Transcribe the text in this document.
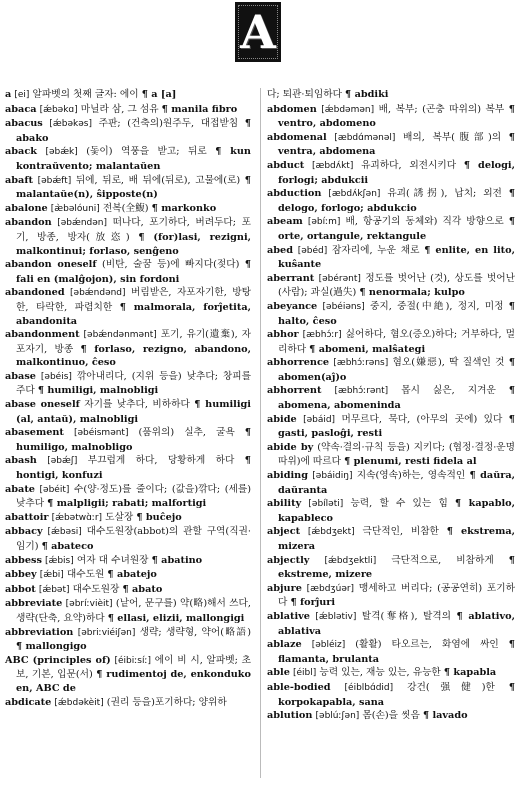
A
a [ei] 알파벳의 첫째 글자: 에이 ¶ a [a]
abaca [ǽbəkɑ] 마닐라 삼, 그 섬유 ¶ manila fibro
abacus [ǽbəkəs] 주판; (건축의)원주두, 대접받침 ¶ abako
aback [əbǽk] (돛이) 역풍을 받고; 뒤로 ¶ kun kontraŭvento; malantaŭen
abaft [əbǽft] 뒤에, 뒤로, 배 뒤에(뒤로), 고물에(로) ¶ malantaŭe(n), ŝipposte(n)
abalone [æ̀bəlóuni] 전복(全鰒) ¶ markonko
abandon [əbǽndən] 떠나다, 포기하다, 버려두다; 포기, 방종, 방자(放恣) ¶ (for)lasi, rezigni, malkontinui; forlaso, senĝeno
abandon oneself (비탄, 술꿈 등)에 빠지다(젖다) ¶ fali en (malĝojon), sin fordoni
abandoned [əbǽndənd] 버림받은, 자포자기한, 방탕한, 타락한, 파렴치한 ¶ malmorala, forĵetita, abandonita
abandonment [əbǽndənmənt] 포기, 유기(遺棄), 자포자기, 방종 ¶ forlaso, rezigno, abandono, malkontinuo, ĉeso
abase [əbéis] 깎아내리다, (지위 등을) 낮추다; 창피를 주다 ¶ humiligi, malnobligi
abase oneself 자기를 낮추다, 비하하다 ¶ humiligi (al, antaŭ), malnobligi
abasement [əbéismənt] (품위의) 실추, 굴욕 ¶ humiligo, malnobligo
abash [əbǽʃ] 부끄럽게 하다, 당황하게 하다 ¶ hontigi, konfuzi
abate [əbéit] 수(양·정도)를 줄이다; (값을)깎다; (세를)낮추다 ¶ malpligii; rabati; malfortigi
abattoir [ǽbətwɑ̀ːr] 도살장 ¶ buĉejo
abbacy [ǽbəsi] 대수도원장(abbot)의 관할 구역(직권·임기) ¶ abateco
abbess [ǽbis] 여자 대 수녀원장 ¶ abatino
abbey [ǽbi] 대수도원 ¶ abatejo
abbot [ǽbət] 대수도원장 ¶ abato
abbreviate [əbríːvièit] (낱어, 문구를) 약(略)해서 쓰다, 생략(단축, 요약)하다 ¶ ellasi, elizii, mallongigi
abbreviation [əbriːviéiʃən] 생략; 생략형, 약어(略語) ¶ mallongigo
ABC (principles of) [éibiːsíː] 에이 비 시, 알파벳; 초보, 기본, 입문(서) ¶ rudimentoj de, enkonduko en, ABC de
abdicate [ǽbdəkèit] (권리 등을)포기하다; 양위하
다; 퇴관·퇴임하다 ¶ abdiki
abdomen [ǽbdəmən] 배, 복부; (곤충 따위의) 복부 ¶ ventro, abdomeno
abdomenal [æbdɑ́mənəl] 배의, 복부(腹部)의 ¶ ventra, abdomena
abduct [æbdʌ́kt] 유괴하다, 외전시키다 ¶ delogi, forlogi; abdukcii
abduction [æbdʌ́kʃən] 유괴(誘拐), 납치; 외전 ¶ delogo, forlogo; abdukcio
abeam [əbíːm] 배, 항공기의 동체와) 직각 방향으로 ¶ orte, ortangule, rektangule
abed [əbéd] 잠자리에, 누운 채로 ¶ enlite, en lito, kuŝante
aberrant [əbérənt] 정도를 벗어난 (것), 상도를 벗어난 (사람); 과실(過失) ¶ nenormala; kulpo
abeyance [əbéiəns] 중지, 중절(中絶), 정지, 미정 ¶ halto, ĉeso
abhor [æbhɔ́ːr] 싫어하다, 혐오(증오)하다; 거부하다, 멀리하다 ¶ abomeni, malŝategi
abhorrence [æbhɔ́ːrəns] 혐오(嫌惡), 딱 질색인 것 ¶ abomen(aĵ)o
abhorrent [æbhɔ́ːrənt] 몹시 싫은, 지겨운 ¶ abomena, abomeninda
abide [əbáid] 머무르다, 묵다, (아무의 곳에) 있다 ¶ gasti, pasloĝi, resti
abide by (약속·결의·규칙 등을) 지키다; (협정·결정·운명 따위)에 따르다 ¶ plenumi, resti fidela al
abiding [əbáidiŋ] 지속(영속)하는, 영속적인 ¶ daŭra, daŭranta
ability [əbíləti] 능력, 할 수 있는 힘 ¶ kapablo, kapableco
abject [ǽbdʒekt] 극단적인, 비참한 ¶ ekstrema, mizera
abjectly [ǽbdʒektli] 극단적으로, 비참하게 ¶ ekstreme, mizere
abjure [æbdʒúər] 맹세하고 버리다; (공공연히) 포기하다 ¶ forĵuri
ablative [ǽblətiv] 탈격(奪格), 탈격의 ¶ ablativo, ablativa
ablaze [əbléiz] (활활) 타오르는, 화염에 싸인 ¶ flamanta, brulanta
able [éibl] 능력 있는, 재능 있는, 유능한 ¶ kapabla
able-bodied [éiblbɑ́did] 강건(强健)한 ¶ korpokapabla, sana
ablution [əblúːʃən] 몸(손)을 씻음 ¶ lavado
